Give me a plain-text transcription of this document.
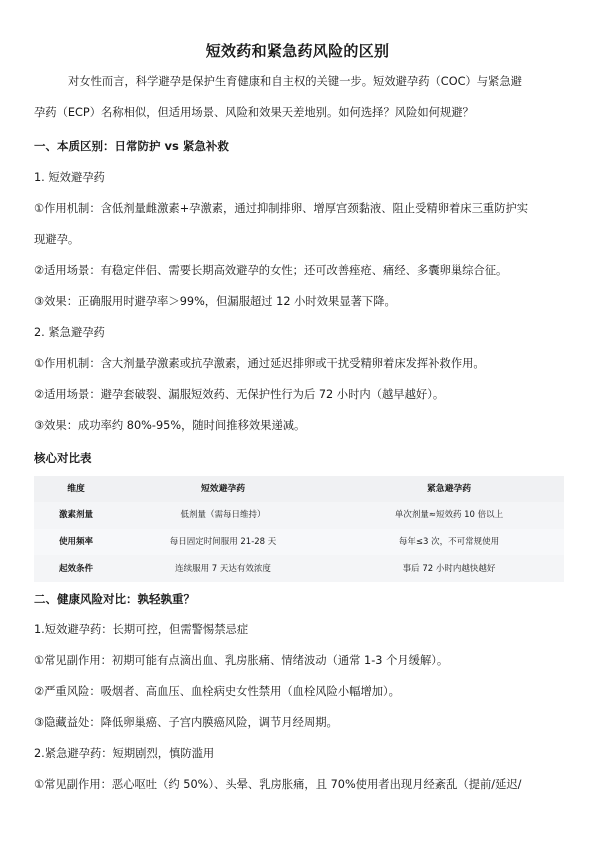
短效药和紧急药风险的区别
对女性而言，科学避孕是保护生育健康和自主权的关键一步。短效避孕药（COC）与紧急避
孕药（ECP）名称相似，但适用场景、风险和效果天差地别。如何选择？风险如何规避？
一、本质区别：日常防护 vs 紧急补救
1. 短效避孕药
①作用机制：含低剂量雌激素+孕激素，通过抑制排卵、增厚宫颈黏液、阻止受精卵着床三重防护实
现避孕。
②适用场景：有稳定伴侣、需要长期高效避孕的女性；还可改善痤疮、痛经、多囊卵巢综合征。
③效果：正确服用时避孕率＞99%，但漏服超过 12 小时效果显著下降。
2. 紧急避孕药
①作用机制：含大剂量孕激素或抗孕激素，通过延迟排卵或干扰受精卵着床发挥补救作用。
②适用场景：避孕套破裂、漏服短效药、无保护性行为后 72 小时内（越早越好）。
③效果：成功率约 80%-95%，随时间推移效果递减。
核心对比表
维度	短效避孕药	紧急避孕药
激素剂量	低剂量（需每日维持）	单次剂量≈短效药 10 倍以上
使用频率	每日固定时间服用 21-28 天	每年≤3 次，不可常规使用
起效条件	连续服用 7 天达有效浓度	事后 72 小时内越快越好
二、健康风险对比：孰轻孰重？
1.短效避孕药：长期可控，但需警惕禁忌症
①常见副作用：初期可能有点滴出血、乳房胀痛、情绪波动（通常 1-3 个月缓解）。
②严重风险：吸烟者、高血压、血栓病史女性禁用（血栓风险小幅增加）。
③隐藏益处：降低卵巢癌、子宫内膜癌风险，调节月经周期。
2.紧急避孕药：短期剧烈，慎防滥用
①常见副作用：恶心呕吐（约 50%）、头晕、乳房胀痛，且 70%使用者出现月经紊乱（提前/延迟/
